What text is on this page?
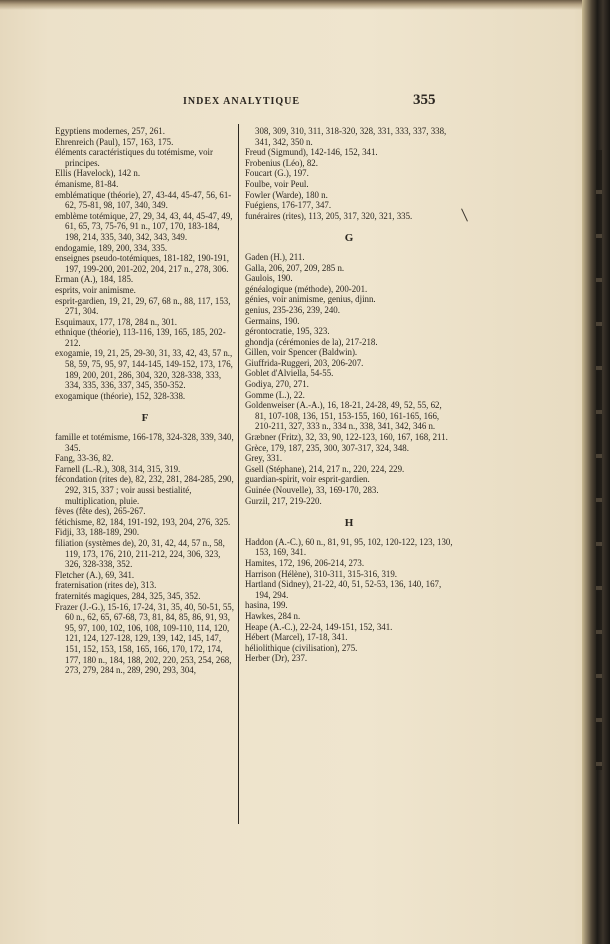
INDEX ANALYTIQUE	355
Egyptiens modernes, 257, 261.
Ehrenreich (Paul), 157, 163, 175.
éléments caractéristiques du totémisme, voir principes.
Ellis (Havelock), 142 n.
émanisme, 81-84.
emblématique (théorie), 27, 43-44, 45-47, 56, 61-62, 75-81, 98, 107, 340, 349.
emblème totémique, 27, 29, 34, 43, 44, 45-47, 49, 61, 65, 73, 75-76, 91 n., 107, 170, 183-184, 198, 214, 335, 340, 342, 343, 349.
endogamie, 189, 200, 334, 335.
enseignes pseudo-totémiques, 181-182, 190-191, 197, 199-200, 201-202, 204, 217 n., 278, 306.
Erman (A.), 184, 185.
esprits, voir animisme.
esprit-gardien, 19, 21, 29, 67, 68 n., 88, 117, 153, 271, 304.
Esquimaux, 177, 178, 284 n., 301.
ethnique (théorie), 113-116, 139, 165, 185, 202-212.
exogamie, 19, 21, 25, 29-30, 31, 33, 42, 43, 57 n., 58, 59, 75, 95, 97, 144-145, 149-152, 173, 176, 189, 200, 201, 286, 304, 320, 328-338, 333, 334, 335, 336, 337, 345, 350-352.
exogamique (théorie), 152, 328-338.
F
famille et totémisme, 166-178, 324-328, 339, 340, 345.
Fang, 33-36, 82.
Farnell (L.-R.), 308, 314, 315, 319.
fécondation (rites de), 82, 232, 281, 284-285, 290, 292, 315, 337 ; voir aussi bestialité, multiplication, pluie.
fèves (fête des), 265-267.
fétichisme, 82, 184, 191-192, 193, 204, 276, 325.
Fidji, 33, 188-189, 290.
filiation (systèmes de), 20, 31, 42, 44, 57 n., 58, 119, 173, 176, 210, 211-212, 224, 306, 323, 326, 328-338, 352.
Fletcher (A.), 69, 341.
fraternisation (rites de), 313.
fraternités magiques, 284, 325, 345, 352.
Frazer (J.-G.), 15-16, 17-24, 31, 35, 40, 50-51, 55, 60 n., 62, 65, 67-68, 73, 81, 84, 85, 86, 91, 93, 95, 97, 100, 102, 106, 108, 109-110, 114, 120, 121, 124, 127-128, 129, 139, 142, 145, 147, 151, 152, 153, 158, 165, 166, 170, 172, 174, 177, 180 n., 184, 188, 202, 220, 253, 254, 268, 273, 279, 284 n., 289, 290, 293, 304,
308, 309, 310, 311, 318-320, 328, 331, 333, 337, 338, 341, 342, 350 n.
Freud (Sigmund), 142-146, 152, 341.
Frobenius (Léo), 82.
Foucart (G.), 197.
Foulbe, voir Peul.
Fowler (Warde), 180 n.
Fuégiens, 176-177, 347.
funéraires (rites), 113, 205, 317, 320, 321, 335.
G
Gaden (H.), 211.
Galla, 206, 207, 209, 285 n.
Gaulois, 190.
généalogique (méthode), 200-201.
génies, voir animisme, genius, djinn.
genius, 235-236, 239, 240.
Germains, 190.
gérontocratie, 195, 323.
ghondja (cérémonies de la), 217-218.
Gillen, voir Spencer (Baldwin).
Giuffrida-Ruggeri, 203, 206-207.
Goblet d'Alviella, 54-55.
Godiya, 270, 271.
Gomme (L.), 22.
Goldenweiser (A.-A.), 16, 18-21, 24-28, 49, 52, 55, 62, 81, 107-108, 136, 151, 153-155, 160, 161-165, 166, 210-211, 327, 333 n., 334 n., 338, 341, 342, 346 n.
Græbner (Fritz), 32, 33, 90, 122-123, 160, 167, 168, 211.
Grèce, 179, 187, 235, 300, 307-317, 324, 348.
Grey, 331.
Gsell (Stéphane), 214, 217 n., 220, 224, 229.
guardian-spirit, voir esprit-gardien.
Guinée (Nouvelle), 33, 169-170, 283.
Gurzil, 217, 219-220.
H
Haddon (A.-C.), 60 n., 81, 91, 95, 102, 120-122, 123, 130, 153, 169, 341.
Hamites, 172, 196, 206-214, 273.
Harrison (Hélène), 310-311, 315-316, 319.
Hartland (Sidney), 21-22, 40, 51, 52-53, 136, 140, 167, 194, 294.
hasina, 199.
Hawkes, 284 n.
Heape (A.-C.), 22-24, 149-151, 152, 341.
Hébert (Marcel), 17-18, 341.
héliolithique (civilisation), 275.
Herber (Dr), 237.
